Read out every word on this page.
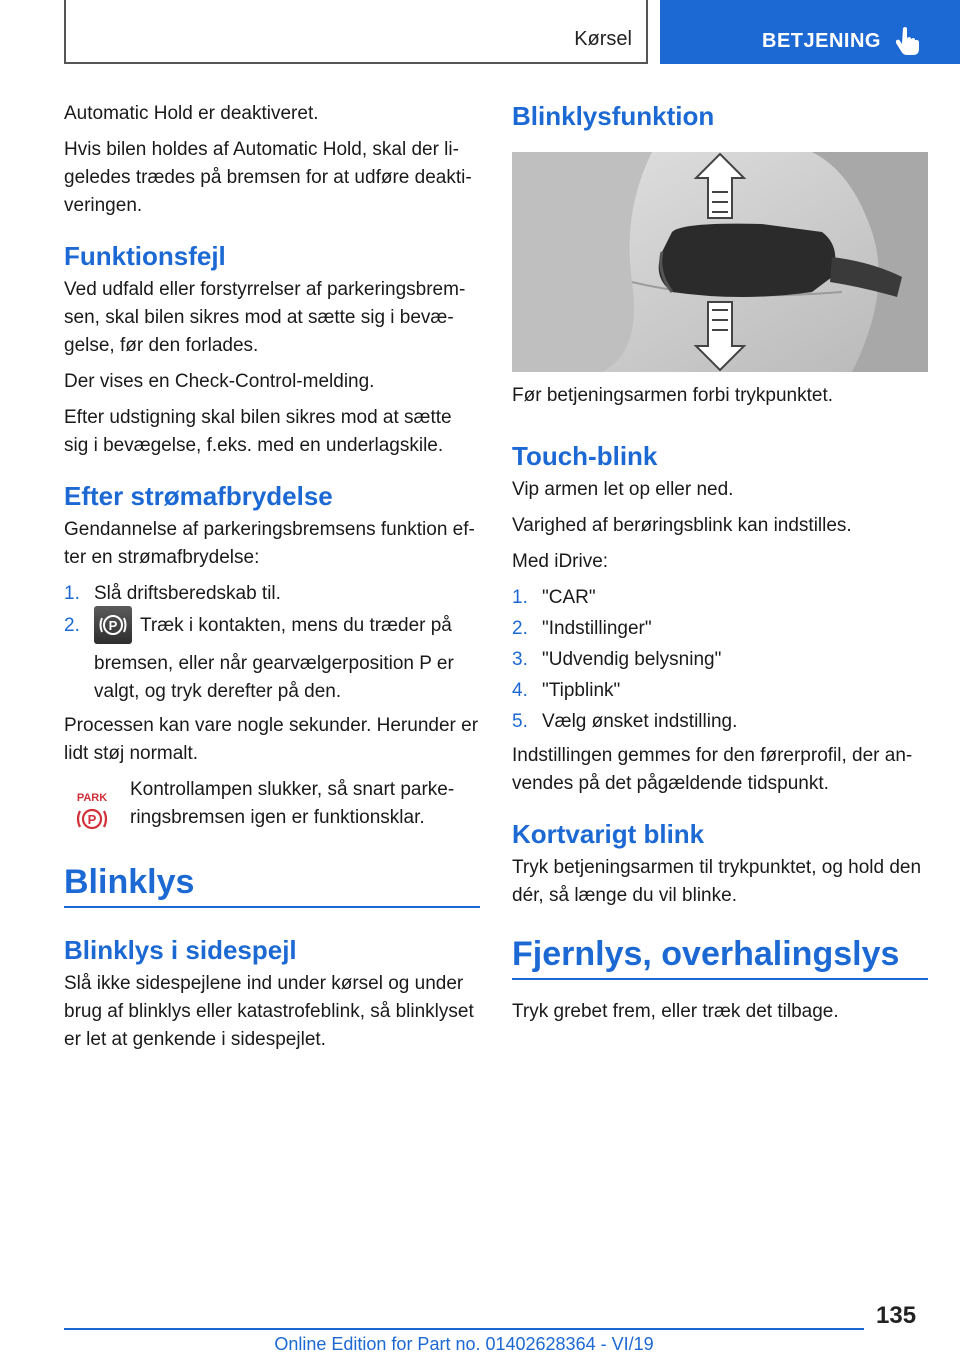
Kørsel	BETJENING

Automatic Hold er deaktiveret.

Hvis bilen holdes af Automatic Hold, skal der li-geledes trædes på bremsen for at udføre deakti-veringen.

Funktionsfejl

Ved udfald eller forstyrrelser af parkeringsbrem-sen, skal bilen sikres mod at sætte sig i bevæ-gelse, før den forlades.

Der vises en Check-Control-melding.

Efter udstigning skal bilen sikres mod at sætte sig i bevægelse, f.eks. med en underlagskile.

Efter strømafbrydelse

Gendannelse af parkeringsbremsens funktion ef-ter en strømafbrydelse:

1. Slå driftsberedskab til.
2. P Træk i kontakten, mens du træder på bremsen, eller når gearvælgerposition P er valgt, og tryk derefter på den.

Processen kan vare nogle sekunder. Herunder er lidt støj normalt.

PARK
P

Kontrollampen slukker, så snart parke-ringsbremsen igen er funktionsklar.

Blinklys
Blinklys i sidespejl

Slå ikke sidespejlene ind under kørsel og under brug af blinklys eller katastrofeblink, så blinklyset er let at genkende i sidespejlet.

Blinklysfunktion

Før betjeningsarmen forbi trykpunktet.

Touch-blink

Vip armen let op eller ned.

Varighed af berøringsblink kan indstilles.

Med iDrive:

1. "CAR"
2. "Indstillinger"
3. "Udvendig belysning"
4. "Tipblink"
5. Vælg ønsket indstilling.

Indstillingen gemmes for den førerprofil, der an-vendes på det pågældende tidspunkt.

Kortvarigt blink

Tryk betjeningsarmen til trykpunktet, og hold den dér, så længe du vil blinke.

Fjernlys, overhalingslys

Tryk grebet frem, eller træk det tilbage.

135
Online Edition for Part no. 01402628364 - VI/19
